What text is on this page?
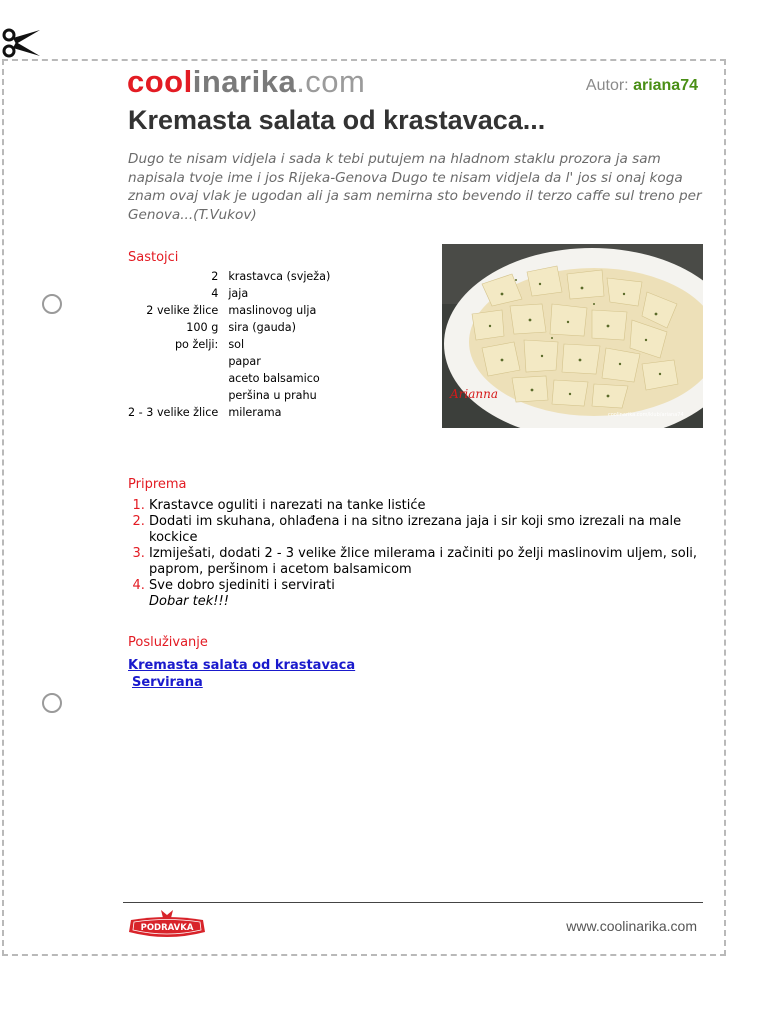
coolinarika.com	Autor: ariana74
Kremasta salata od krastavaca...
Dugo te nisam vidjela i sada k tebi putujem na hladnom staklu prozora ja sam napisala tvoje ime i jos Rijeka-Genova Dugo te nisam vidjela da l' jos si onaj koga znam ovaj vlak je ugodan ali ja sam nemirna sto bevendo il terzo caffe sul treno per Genova...(T.Vukov)
Sastojci
2	krastavca (svježa)
4	jaja
2 velike žlice	maslinovog ulja
100 g	sira (gauda)
po želji:	sol
	papar
	aceto balsamico
	peršina u prahu
2 - 3 velike žlice	milerama
Arianna
coolinarika.com/klub/ariana74
Priprema
1. Krastavce oguliti i narezati na tanke listiće
2. Dodati im skuhana, ohlađena i na sitno izrezana jaja i sir koji smo izrezali na male kockice
3. Izmiješati, dodati 2 - 3 velike žlice milerama i začiniti po želji maslinovim uljem, soli, paprom, peršinom i acetom balsamicom
4. Sve dobro sjediniti i servirati
Dobar tek!!!
Posluživanje
Kremasta salata od krastavaca
Servirana
PODRAVKA	www.coolinarika.com
